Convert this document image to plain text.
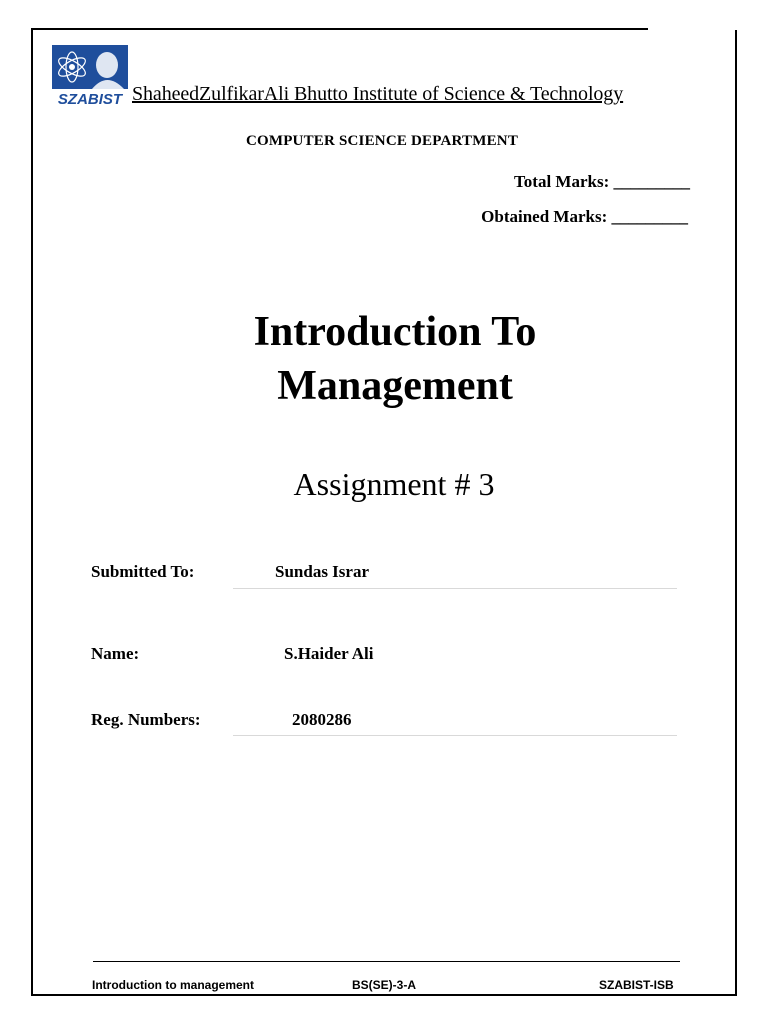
SZABIST ShaheedZulfikarAli Bhutto Institute of Science & Technology
COMPUTER SCIENCE DEPARTMENT
Total Marks: _________
Obtained Marks: _________
Introduction To
Management
Assignment # 3
Submitted To:	Sundas Israr
Name:	S.Haider Ali
Reg. Numbers:	2080286
Introduction to management	BS(SE)-3-A	SZABIST-ISB
